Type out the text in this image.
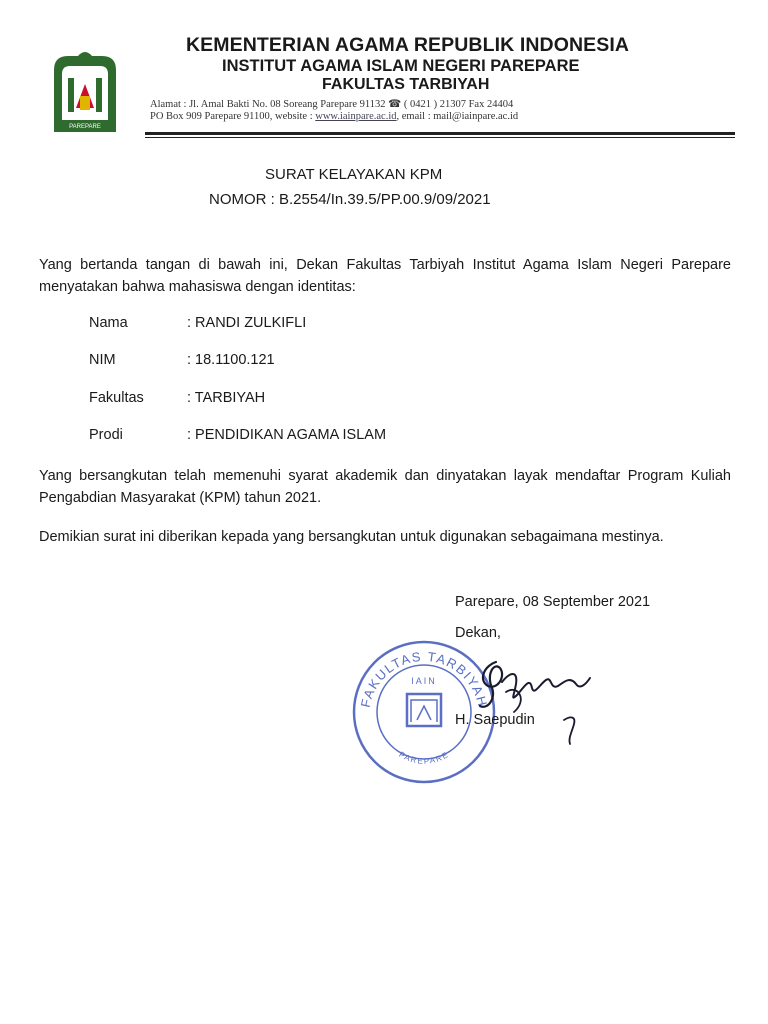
PAREPARE
KEMENTERIAN AGAMA REPUBLIK INDONESIA
INSTITUT AGAMA ISLAM NEGERI PAREPARE
FAKULTAS TARBIYAH
Alamat : Jl. Amal Bakti No. 08 Soreang Parepare 91132 ☎ ( 0421 ) 21307 Fax 24404
PO Box 909 Parepare 91100, website : www.iainpare.ac.id, email : mail@iainpare.ac.id
SURAT KELAYAKAN KPM
NOMOR : B.2554/In.39.5/PP.00.9/09/2021
Yang bertanda tangan di bawah ini, Dekan Fakultas Tarbiyah Institut Agama Islam Negeri Parepare menyatakan bahwa mahasiswa dengan identitas:
Nama	: RANDI ZULKIFLI
NIM	: 18.1100.121
Fakultas	: TARBIYAH
Prodi	: PENDIDIKAN AGAMA ISLAM
Yang bersangkutan telah memenuhi syarat akademik dan dinyatakan layak mendaftar Program Kuliah Pengabdian Masyarakat (KPM) tahun 2021.
Demikian surat ini diberikan kepada yang bersangkutan untuk digunakan sebagaimana mestinya.
Parepare, 08 September 2021
Dekan,
FAKULTAS TARBIYAH
IAIN
PAREPARE
H. Saepudin
